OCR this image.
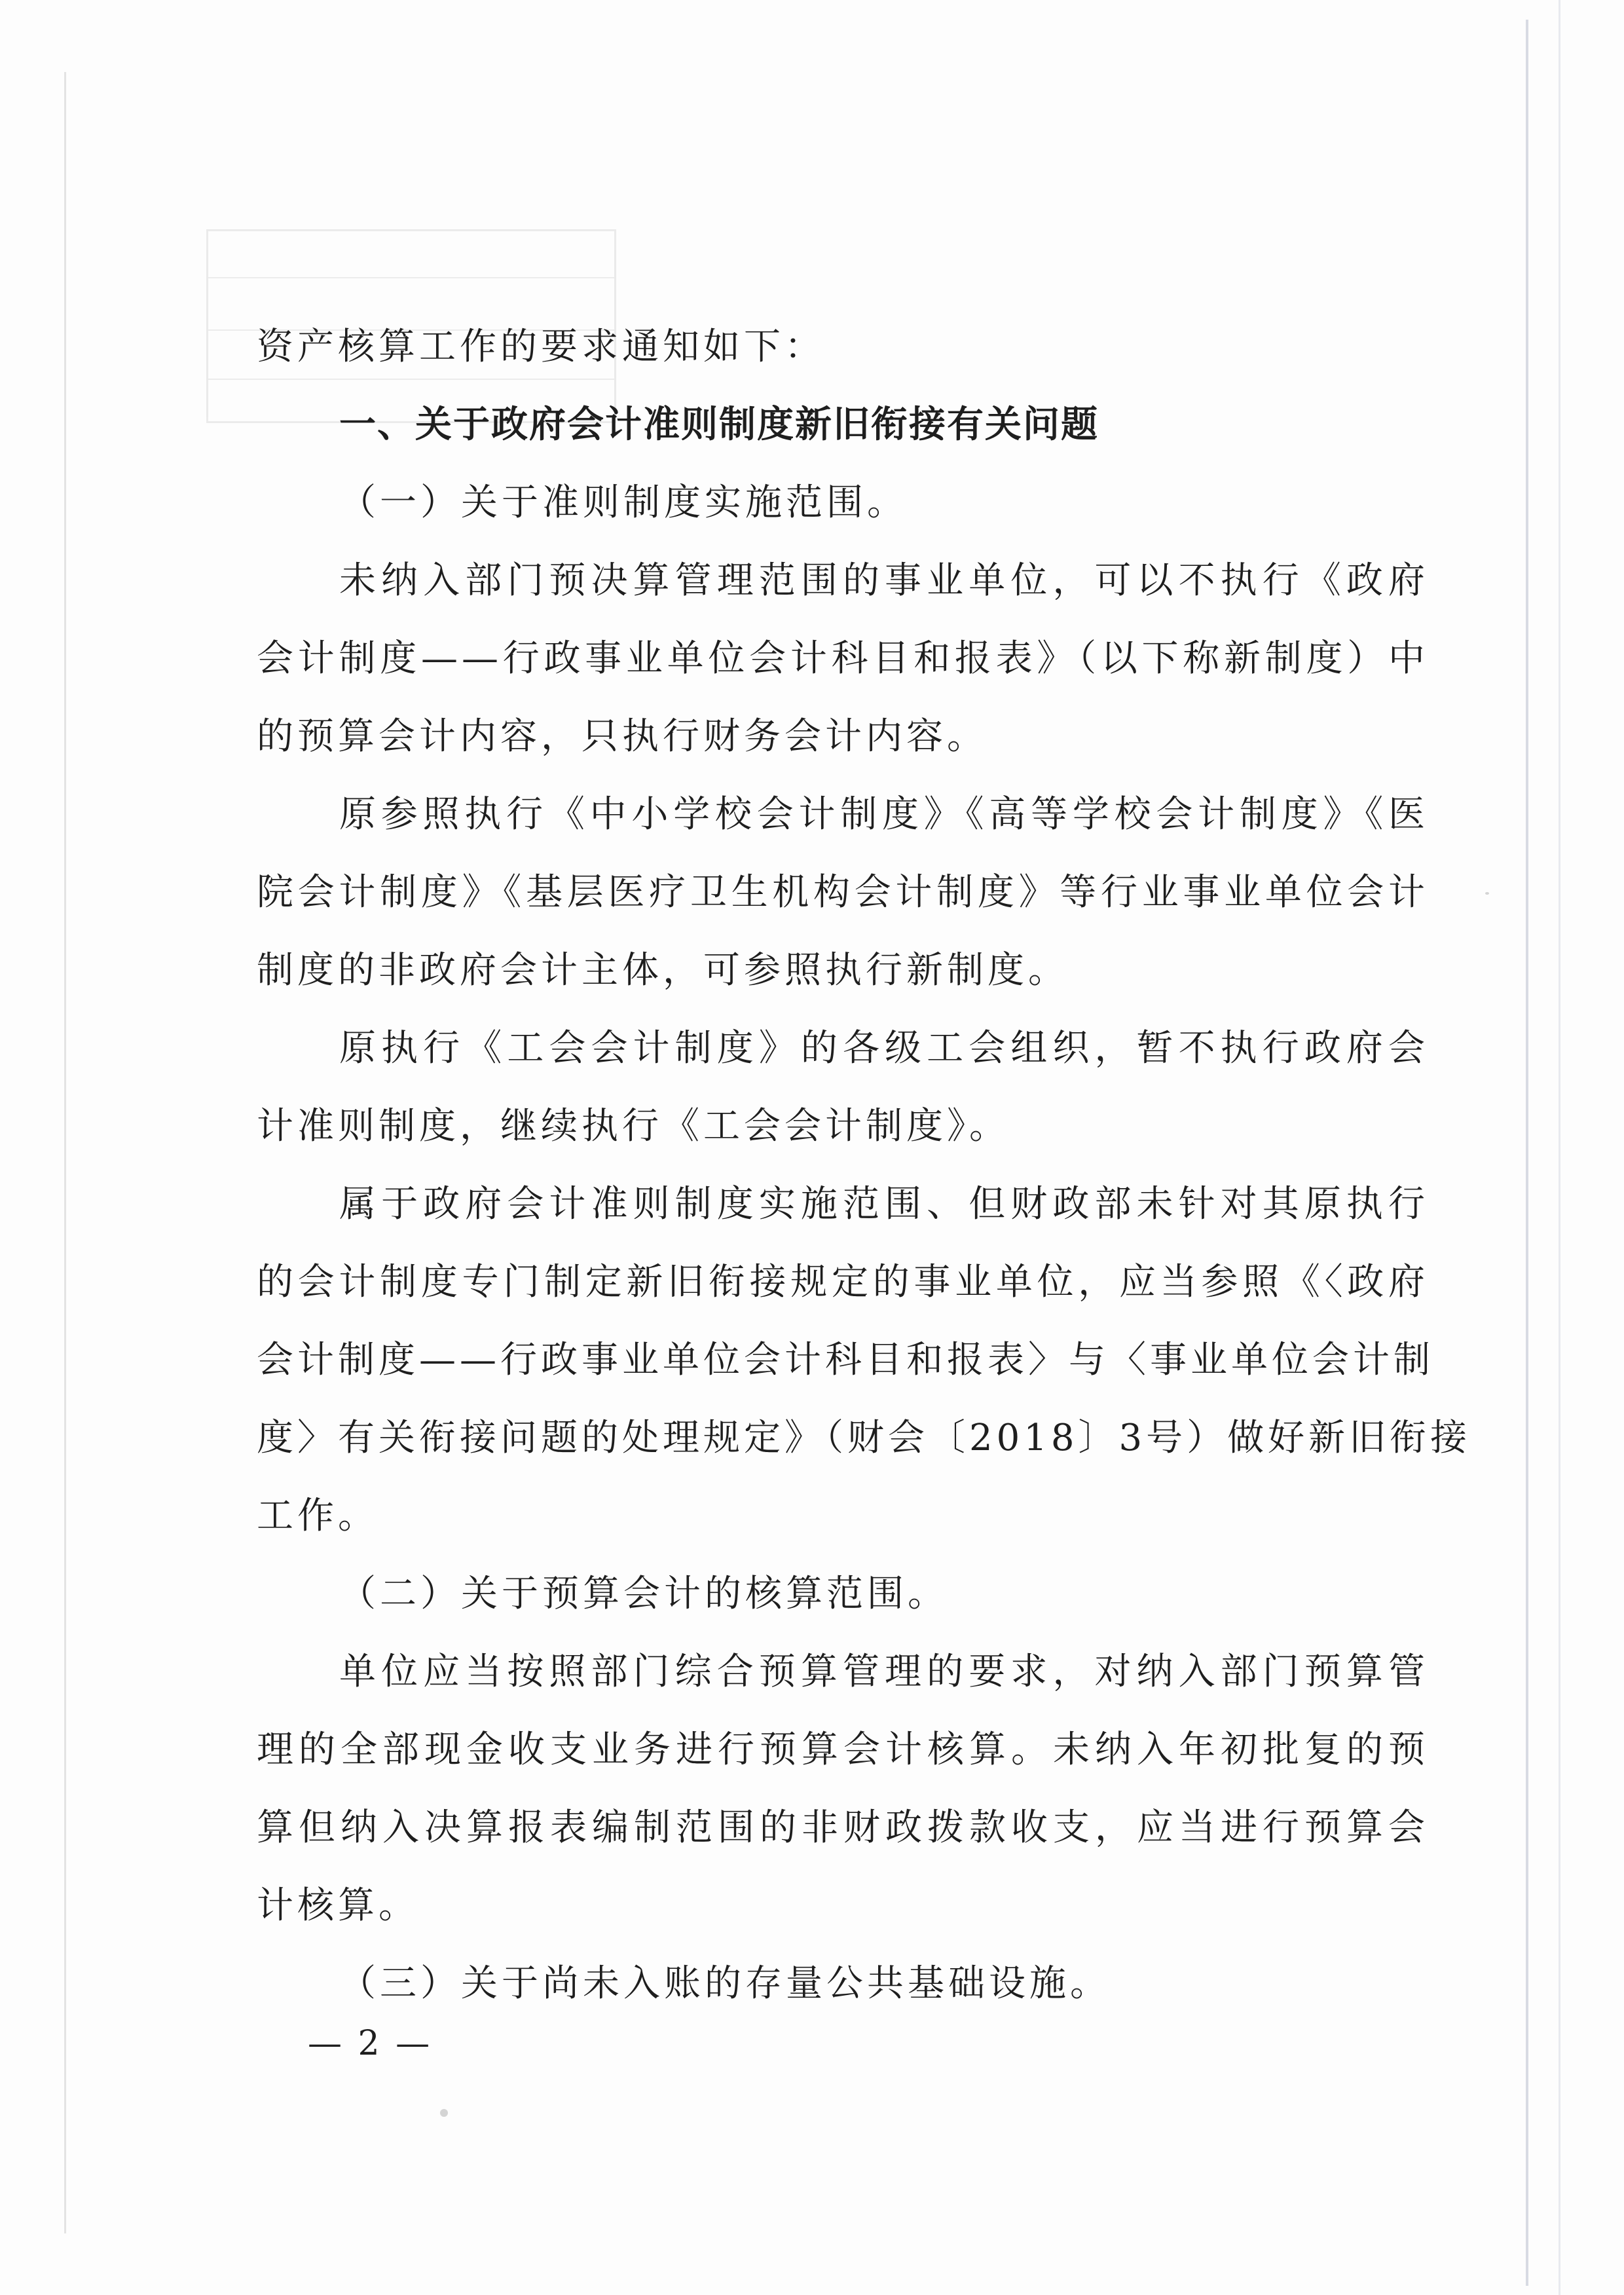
资产核算工作的要求通知如下：
一、关于政府会计准则制度新旧衔接有关问题
（一）关于准则制度实施范围。
未纳入部门预决算管理范围的事业单位，可以不执行《政府
会计制度——行政事业单位会计科目和报表》（以下称新制度）中
的预算会计内容，只执行财务会计内容。
原参照执行《中小学校会计制度》《高等学校会计制度》《医
院会计制度》《基层医疗卫生机构会计制度》等行业事业单位会计
制度的非政府会计主体，可参照执行新制度。
原执行《工会会计制度》的各级工会组织，暂不执行政府会
计准则制度，继续执行《工会会计制度》。
属于政府会计准则制度实施范围、但财政部未针对其原执行
的会计制度专门制定新旧衔接规定的事业单位，应当参照《〈政府
会计制度——行政事业单位会计科目和报表〉与〈事业单位会计制
度〉有关衔接问题的处理规定》（财会〔2018〕3号）做好新旧衔接
工作。
（二）关于预算会计的核算范围。
单位应当按照部门综合预算管理的要求，对纳入部门预算管
理的全部现金收支业务进行预算会计核算。未纳入年初批复的预
算但纳入决算报表编制范围的非财政拨款收支，应当进行预算会
计核算。
（三）关于尚未入账的存量公共基础设施。
— 2 —
